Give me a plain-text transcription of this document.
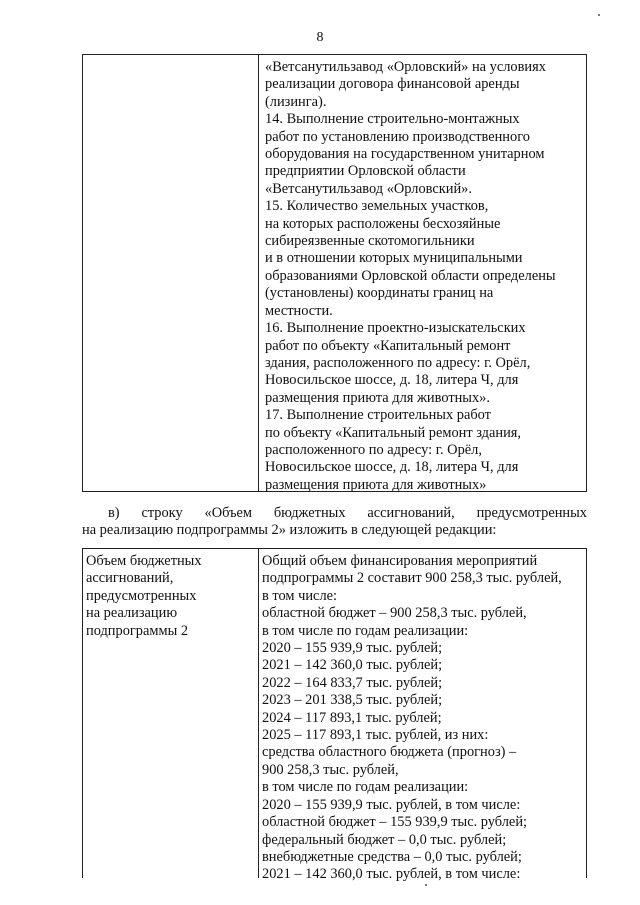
8
«Ветсанутильзавод «Орловский» на условиях
реализации договора финансовой аренды
(лизинга).
14. Выполнение строительно-монтажных
работ по установлению производственного
оборудования на государственном унитарном
предприятии Орловской области
«Ветсанутильзавод «Орловский».
15. Количество земельных участков,
на которых расположены бесхозяйные
сибиреязвенные скотомогильники
и в отношении которых муниципальными
образованиями Орловской области определены
(установлены) координаты границ на
местности.
16. Выполнение проектно-изыскательских
работ по объекту «Капитальный ремонт
здания, расположенного по адресу: г. Орёл,
Новосильское шоссе, д. 18, литера Ч, для
размещения приюта для животных».
17. Выполнение строительных работ
по объекту «Капитальный ремонт здания,
расположенного по адресу: г. Орёл,
Новосильское шоссе, д. 18, литера Ч, для
размещения приюта для животных»
в) строку «Объем бюджетных ассигнований, предусмотренных
на реализацию подпрограммы 2» изложить в следующей редакции:
Объем бюджетных
ассигнований,
предусмотренных
на реализацию
подпрограммы 2
Общий объем финансирования мероприятий
подпрограммы 2 составит 900 258,3 тыс. рублей,
в том числе:
областной бюджет – 900 258,3 тыс. рублей,
в том числе по годам реализации:
2020 – 155 939,9 тыс. рублей;
2021 – 142 360,0 тыс. рублей;
2022 – 164 833,7 тыс. рублей;
2023 – 201 338,5 тыс. рублей;
2024 – 117 893,1 тыс. рублей;
2025 – 117 893,1 тыс. рублей, из них:
средства областного бюджета (прогноз) –
900 258,3 тыс. рублей,
в том числе по годам реализации:
2020 – 155 939,9 тыс. рублей, в том числе:
областной бюджет – 155 939,9 тыс. рублей;
федеральный бюджет – 0,0 тыс. рублей;
внебюджетные средства – 0,0 тыс. рублей;
2021 – 142 360,0 тыс. рублей, в том числе:
